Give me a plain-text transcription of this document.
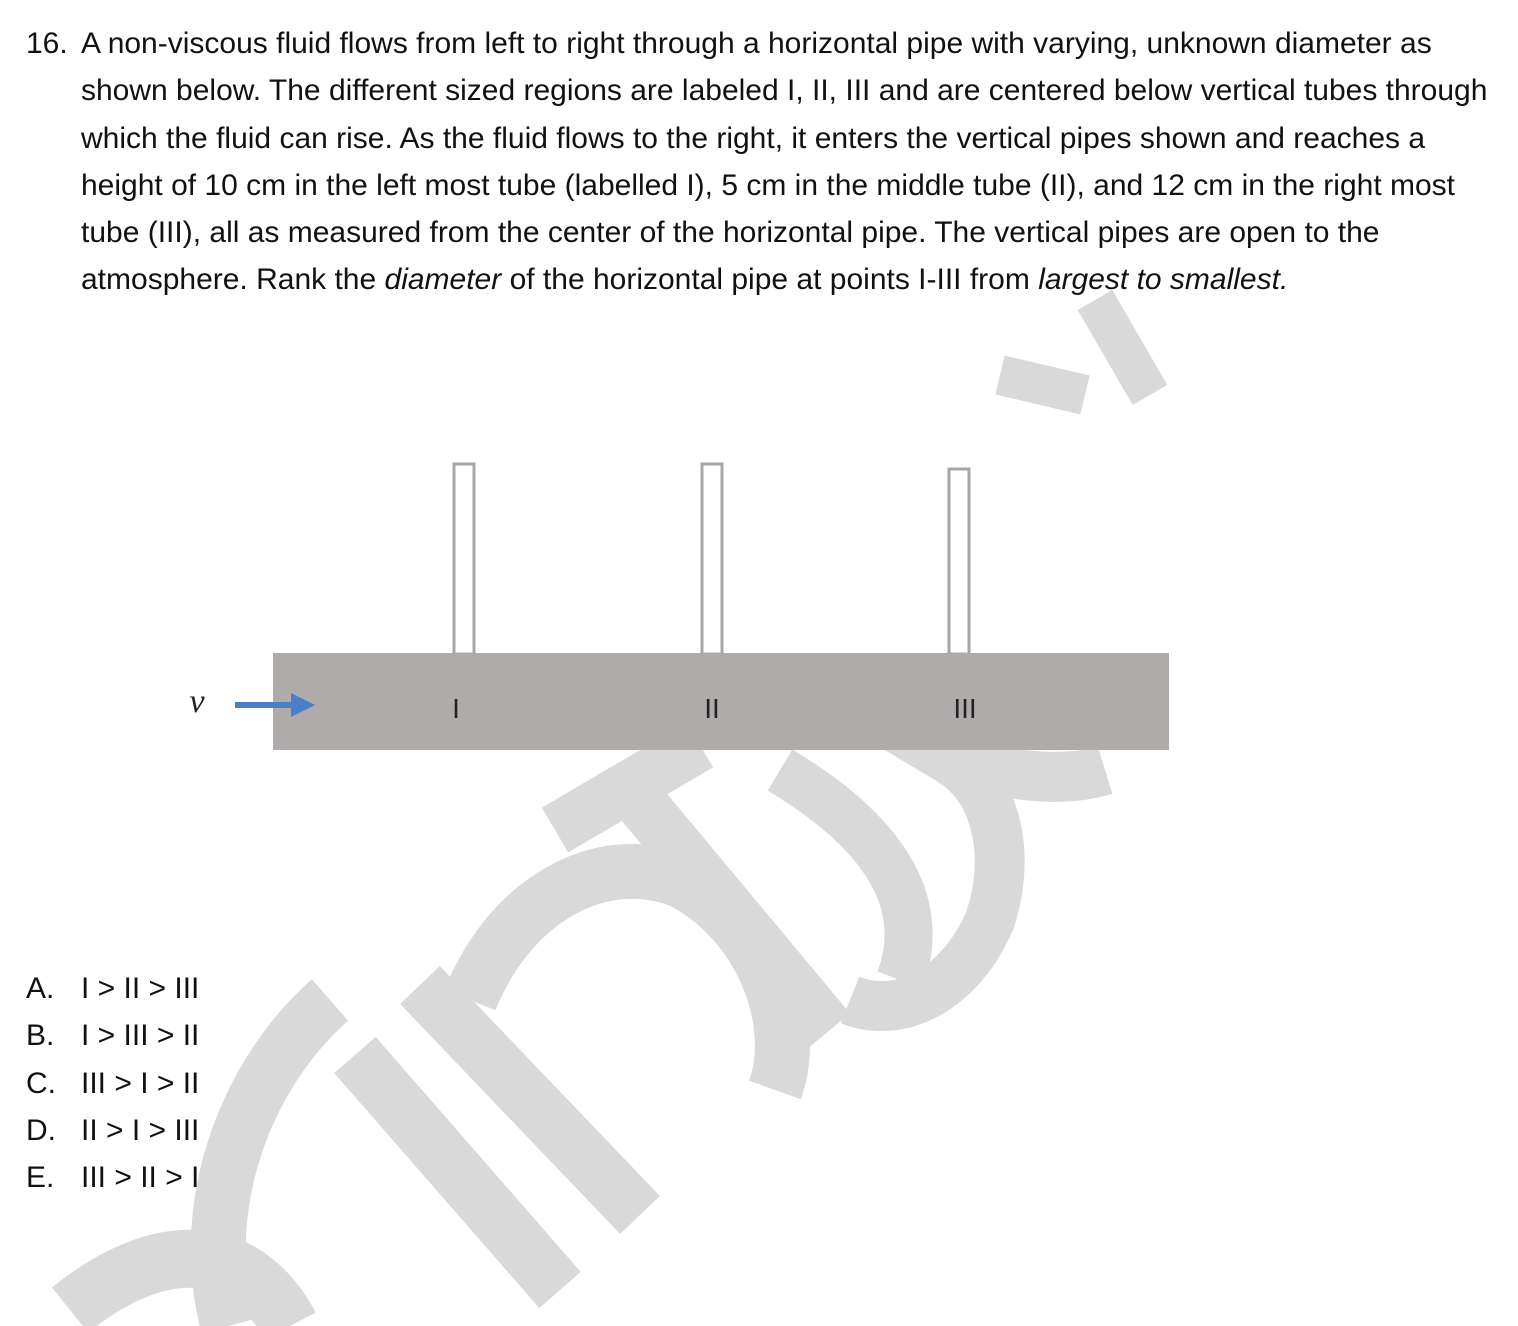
16. A non-viscous fluid flows from left to right through a horizontal pipe with varying, unknown diameter as shown below. The different sized regions are labeled I, II, III and are centered below vertical tubes through which the fluid can rise. As the fluid flows to the right, it enters the vertical pipes shown and reaches a height of 10 cm in the left most tube (labelled I), 5 cm in the middle tube (II), and 12 cm in the right most tube (III), all as measured from the center of the horizontal pipe. The vertical pipes are open to the atmosphere. Rank the diameter of the horizontal pipe at points I-III from largest to smallest.
I	II	III
v
A. I > II > III
B. I > III > II
C. III > I > II
D. II > I > III
E. III > II > I
